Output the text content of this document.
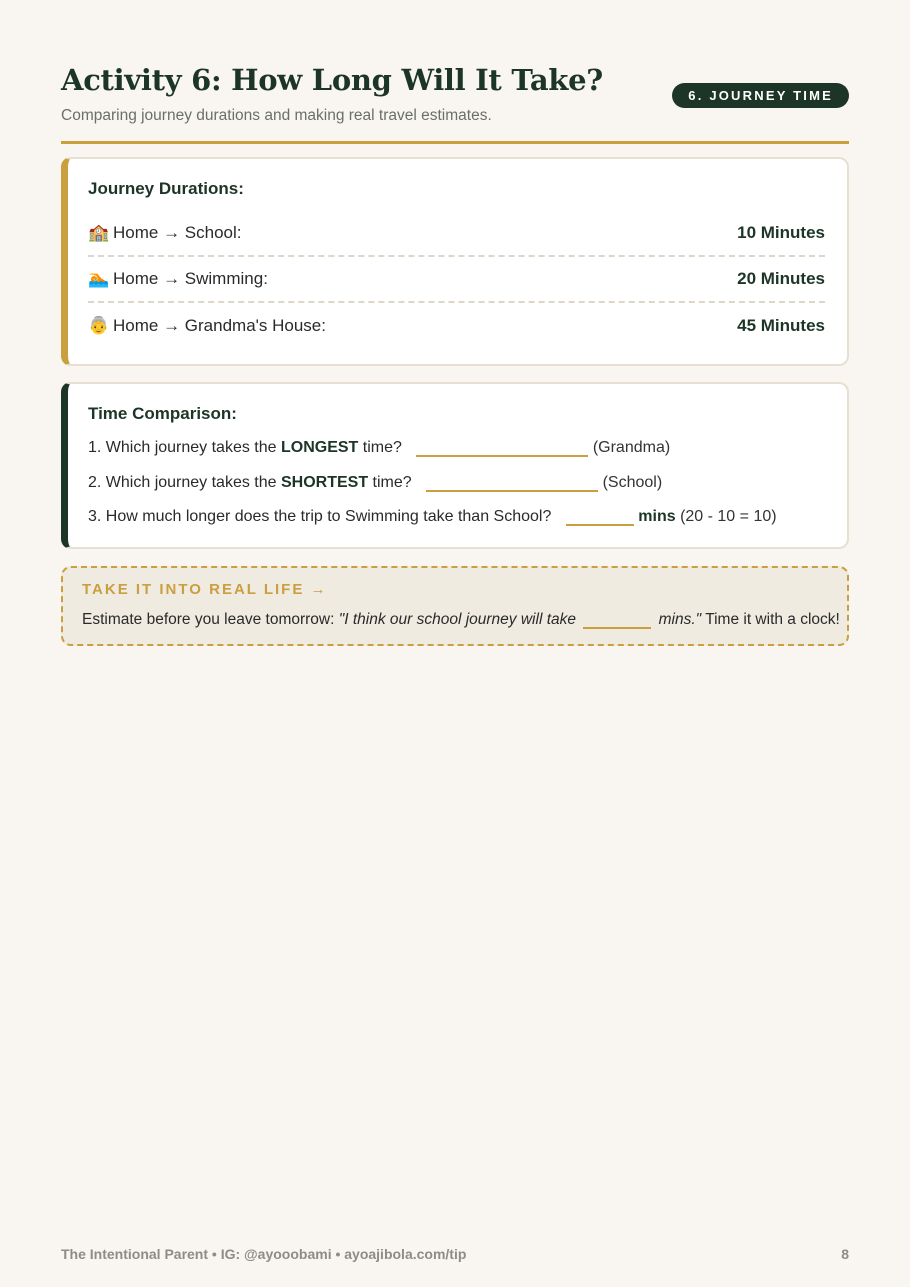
Activity 6: How Long Will It Take?
Comparing journey durations and making real travel estimates.
6. JOURNEY TIME
Journey Durations:
🏫 Home → School:	10 Minutes
🏊 Home → Swimming:	20 Minutes
👵 Home → Grandma's House:	45 Minutes
Time Comparison:
1. Which journey takes the LONGEST time?	(Grandma)
2. Which journey takes the SHORTEST time?	(School)
3. How much longer does the trip to Swimming take than School?	mins (20 - 10 = 10)
TAKE IT INTO REAL LIFE →
Estimate before you leave tomorrow: "I think our school journey will take	mins." Time it with a clock!
The Intentional Parent • IG: @ayooobami • ayoajibola.com/tip	8
